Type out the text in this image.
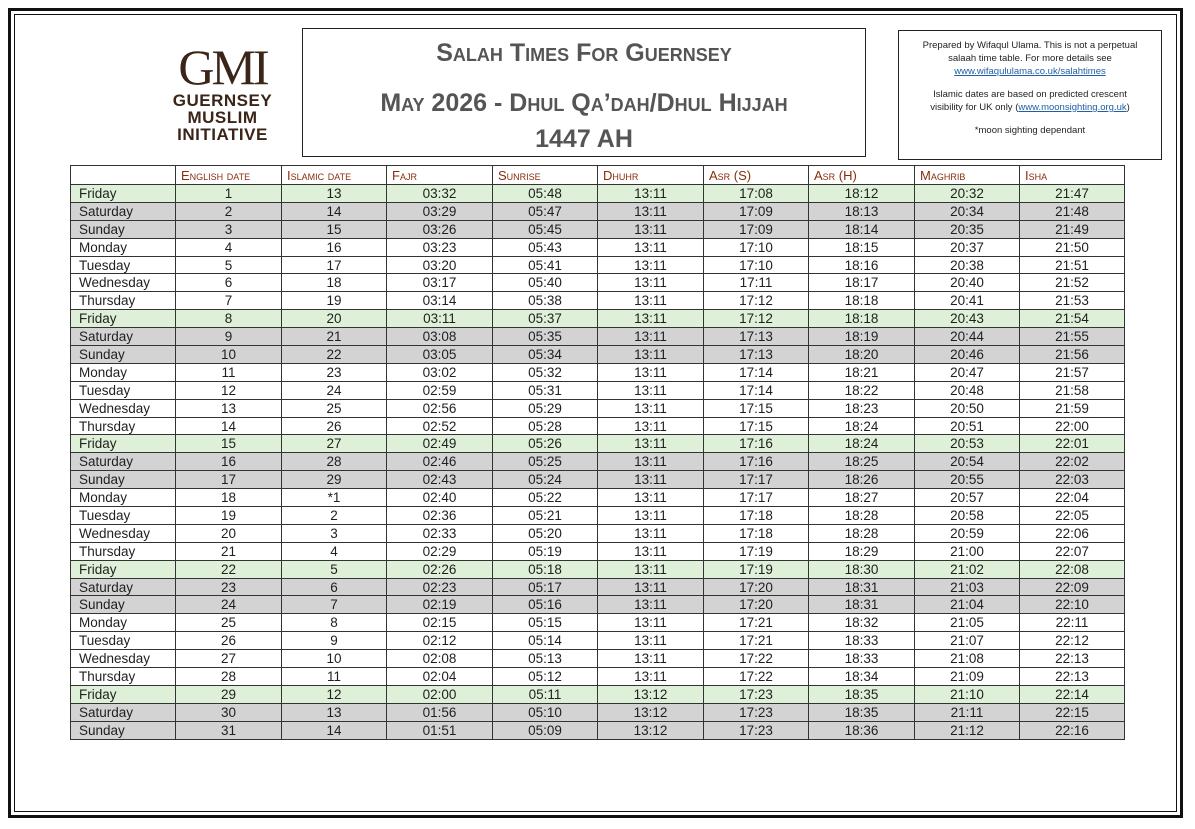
GMI
GUERNSEY
MUSLIM
INITIATIVE
Salah Times For Guernsey
May 2026 - Dhul Qa’dah/Dhul Hijjah
1447 AH
Prepared by Wifaqul Ulama. This is not a perpetual
salaah time table. For more details see
www.wifaqululama.co.uk/salahtimes
Islamic dates are based on predicted crescent
visibility for UK only (www.moonsighting.org.uk)
*moon sighting dependant
	English date	Islamic date	Fajr	Sunrise	Dhuhr	Asr (S)	Asr (H)	Maghrib	Isha
Friday	1	13	03:32	05:48	13:11	17:08	18:12	20:32	21:47
Saturday	2	14	03:29	05:47	13:11	17:09	18:13	20:34	21:48
Sunday	3	15	03:26	05:45	13:11	17:09	18:14	20:35	21:49
Monday	4	16	03:23	05:43	13:11	17:10	18:15	20:37	21:50
Tuesday	5	17	03:20	05:41	13:11	17:10	18:16	20:38	21:51
Wednesday	6	18	03:17	05:40	13:11	17:11	18:17	20:40	21:52
Thursday	7	19	03:14	05:38	13:11	17:12	18:18	20:41	21:53
Friday	8	20	03:11	05:37	13:11	17:12	18:18	20:43	21:54
Saturday	9	21	03:08	05:35	13:11	17:13	18:19	20:44	21:55
Sunday	10	22	03:05	05:34	13:11	17:13	18:20	20:46	21:56
Monday	11	23	03:02	05:32	13:11	17:14	18:21	20:47	21:57
Tuesday	12	24	02:59	05:31	13:11	17:14	18:22	20:48	21:58
Wednesday	13	25	02:56	05:29	13:11	17:15	18:23	20:50	21:59
Thursday	14	26	02:52	05:28	13:11	17:15	18:24	20:51	22:00
Friday	15	27	02:49	05:26	13:11	17:16	18:24	20:53	22:01
Saturday	16	28	02:46	05:25	13:11	17:16	18:25	20:54	22:02
Sunday	17	29	02:43	05:24	13:11	17:17	18:26	20:55	22:03
Monday	18	*1	02:40	05:22	13:11	17:17	18:27	20:57	22:04
Tuesday	19	2	02:36	05:21	13:11	17:18	18:28	20:58	22:05
Wednesday	20	3	02:33	05:20	13:11	17:18	18:28	20:59	22:06
Thursday	21	4	02:29	05:19	13:11	17:19	18:29	21:00	22:07
Friday	22	5	02:26	05:18	13:11	17:19	18:30	21:02	22:08
Saturday	23	6	02:23	05:17	13:11	17:20	18:31	21:03	22:09
Sunday	24	7	02:19	05:16	13:11	17:20	18:31	21:04	22:10
Monday	25	8	02:15	05:15	13:11	17:21	18:32	21:05	22:11
Tuesday	26	9	02:12	05:14	13:11	17:21	18:33	21:07	22:12
Wednesday	27	10	02:08	05:13	13:11	17:22	18:33	21:08	22:13
Thursday	28	11	02:04	05:12	13:11	17:22	18:34	21:09	22:13
Friday	29	12	02:00	05:11	13:12	17:23	18:35	21:10	22:14
Saturday	30	13	01:56	05:10	13:12	17:23	18:35	21:11	22:15
Sunday	31	14	01:51	05:09	13:12	17:23	18:36	21:12	22:16
